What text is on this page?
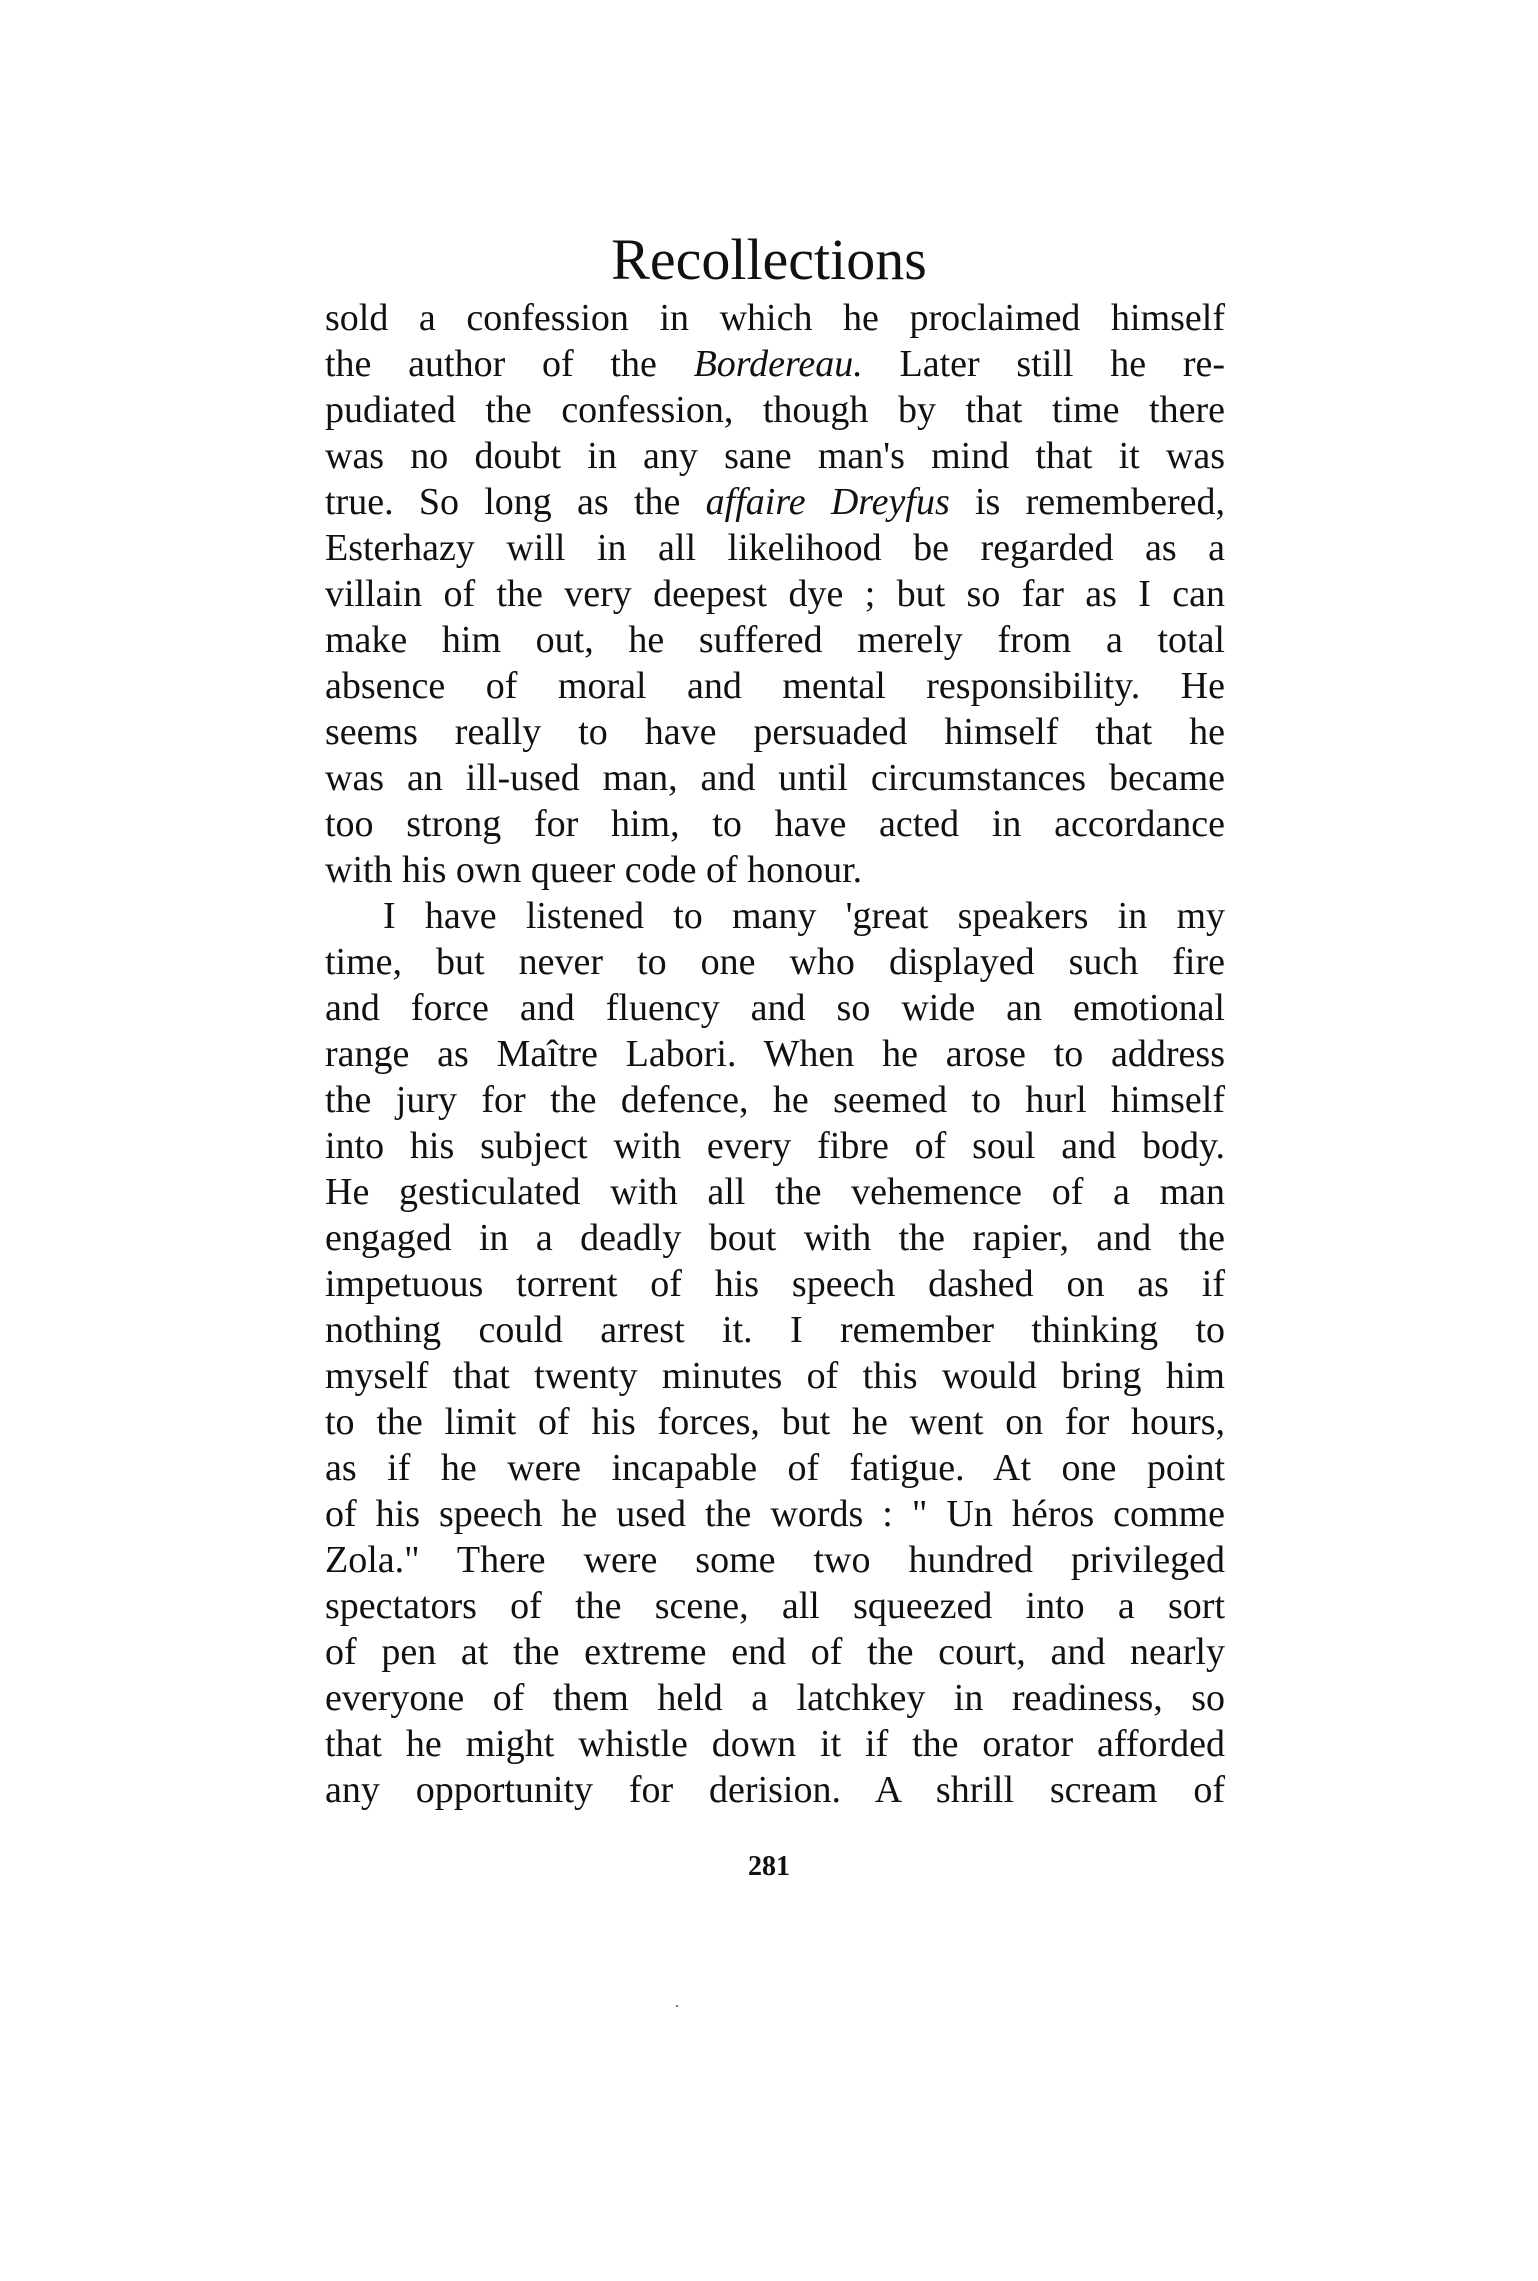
Recollections
sold a confession in which he proclaimed himself
the author of the Bordereau. Later still he re-
pudiated the confession, though by that time there
was no doubt in any sane man's mind that it was
true. So long as the affaire Dreyfus is remembered,
Esterhazy will in all likelihood be regarded as a
villain of the very deepest dye ; but so far as I can
make him out, he suffered merely from a total
absence of moral and mental responsibility. He
seems really to have persuaded himself that he
was an ill-used man, and until circumstances became
too strong for him, to have acted in accordance
with his own queer code of honour.
I have listened to many 'great speakers in my
time, but never to one who displayed such fire
and force and fluency and so wide an emotional
range as Maître Labori. When he arose to address
the jury for the defence, he seemed to hurl himself
into his subject with every fibre of soul and body.
He gesticulated with all the vehemence of a man
engaged in a deadly bout with the rapier, and the
impetuous torrent of his speech dashed on as if
nothing could arrest it. I remember thinking to
myself that twenty minutes of this would bring him
to the limit of his forces, but he went on for hours,
as if he were incapable of fatigue. At one point
of his speech he used the words : " Un héros comme
Zola." There were some two hundred privileged
spectators of the scene, all squeezed into a sort
of pen at the extreme end of the court, and nearly
everyone of them held a latchkey in readiness, so
that he might whistle down it if the orator afforded
any opportunity for derision. A shrill scream of
281
